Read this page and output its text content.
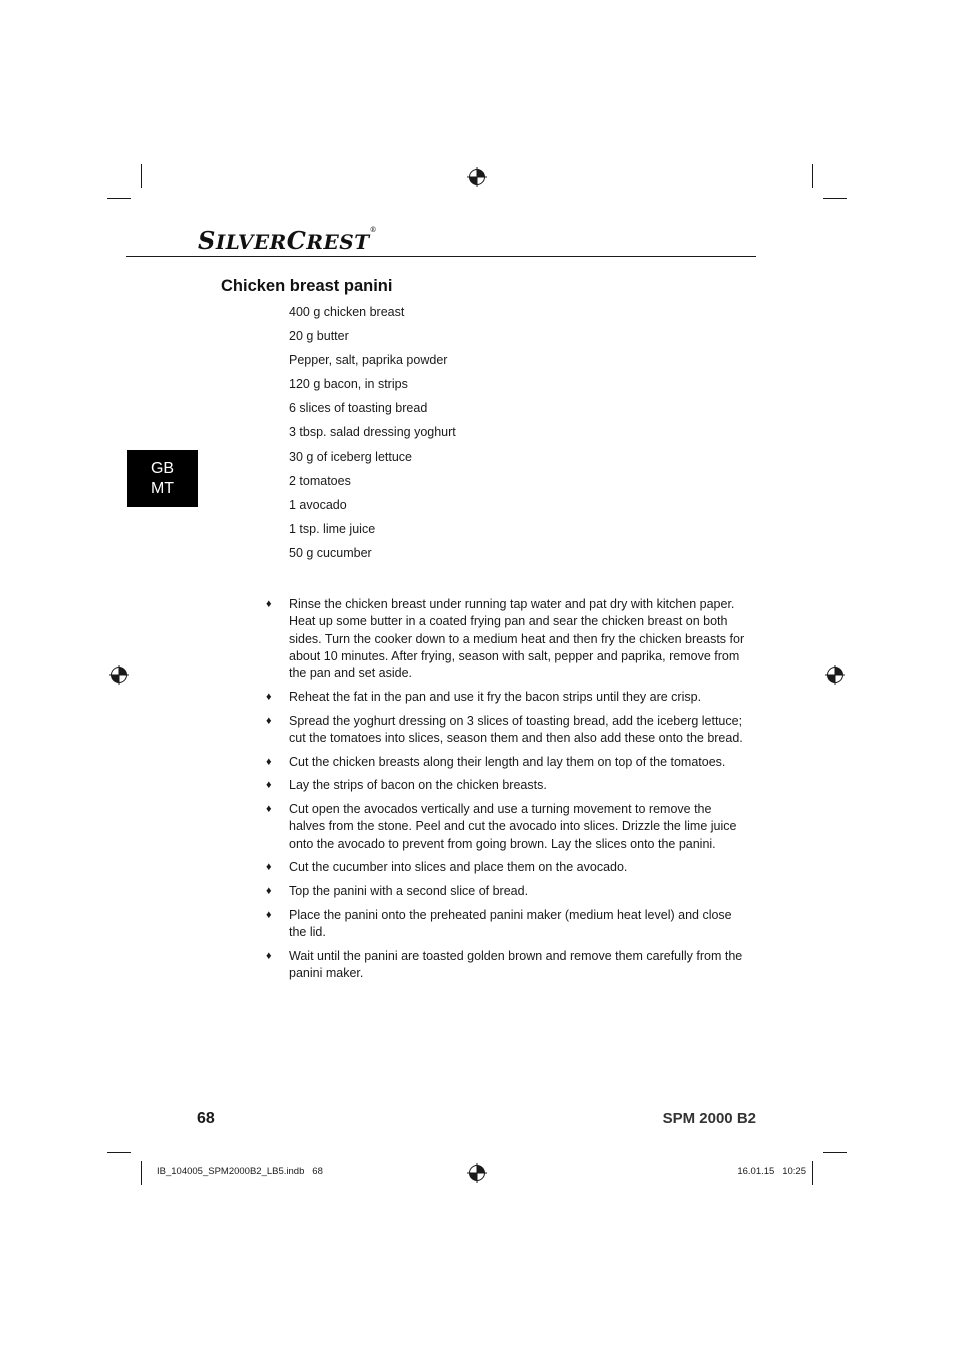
SILVERCREST®
GB
MT
Chicken breast panini
400 g chicken breast
20 g butter
Pepper, salt, paprika powder
120 g bacon, in strips
6 slices of toasting bread
3 tbsp. salad dressing yoghurt
30 g of iceberg lettuce
2 tomatoes
1 avocado
1 tsp. lime juice
50 g cucumber
♦ Rinse the chicken breast under running tap water and pat dry with kitchen paper. Heat up some butter in a coated frying pan and sear the chicken breast on both sides. Turn the cooker down to a medium heat and then fry the chicken breasts for about 10 minutes. After frying, season with salt, pepper and paprika, remove from the pan and set aside.
♦ Reheat the fat in the pan and use it fry the bacon strips until they are crisp.
♦ Spread the yoghurt dressing on 3 slices of toasting bread, add the iceberg lettuce; cut the tomatoes into slices, season them and then also add these onto the bread.
♦ Cut the chicken breasts along their length and lay them on top of the tomatoes.
♦ Lay the strips of bacon on the chicken breasts.
♦ Cut open the avocados vertically and use a turning movement to remove the halves from the stone. Peel and cut the avocado into slices. Drizzle the lime juice onto the avocado to prevent from going brown. Lay the slices onto the panini.
♦ Cut the cucumber into slices and place them on the avocado.
♦ Top the panini with a second slice of bread.
♦ Place the panini onto the preheated panini maker (medium heat level) and close the lid.
♦ Wait until the panini are toasted golden brown and remove them carefully from the panini maker.
68	SPM 2000 B2
IB_104005_SPM2000B2_LB5.indb   68	16.01.15   10:25
